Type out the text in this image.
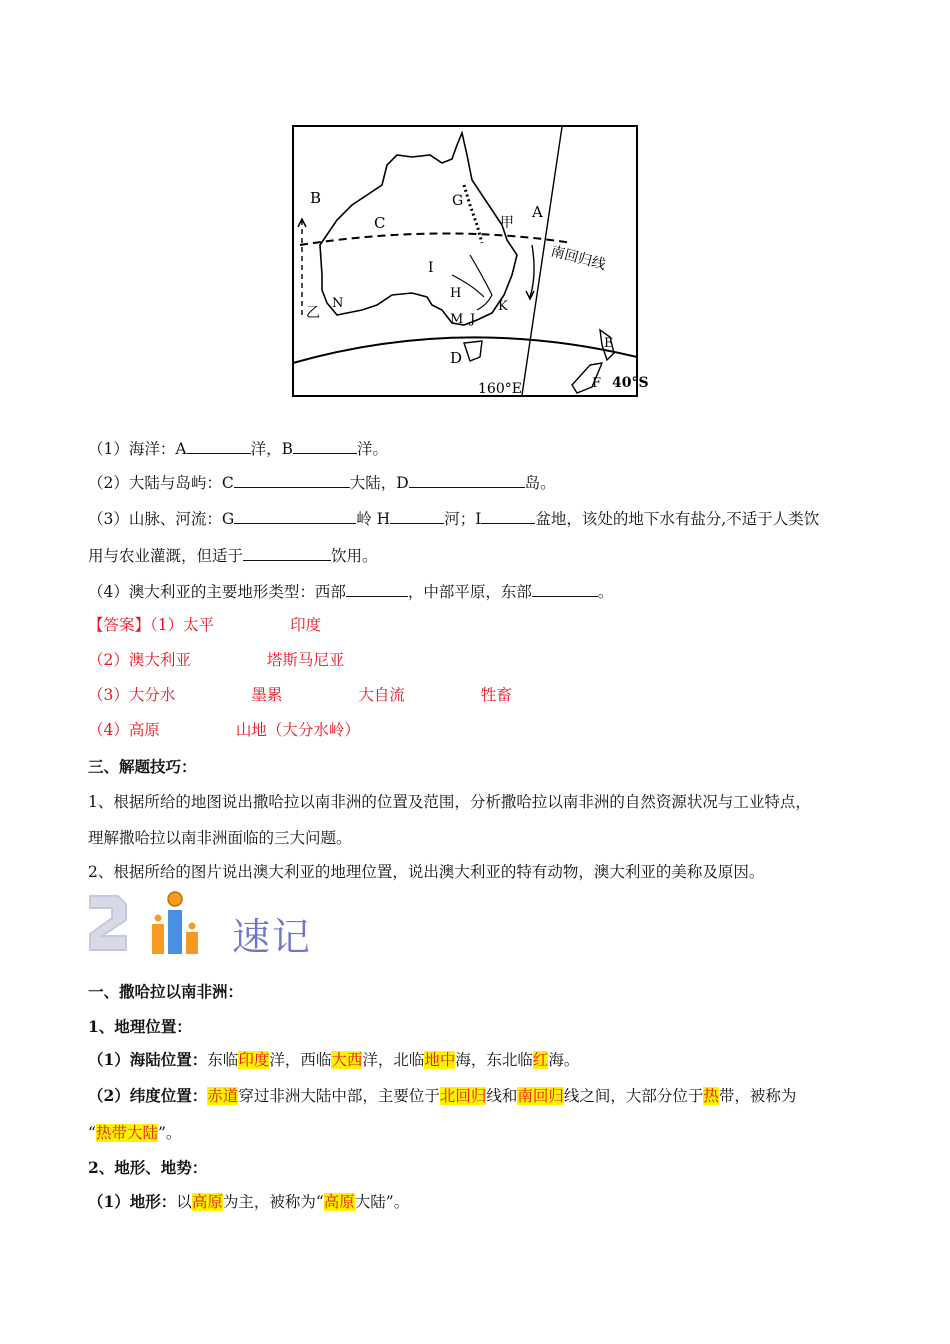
B
C
A
G
甲
I
H
M J
K
N
乙
D
E
F
160°E	40°S
南回归线
（1）海洋：A	洋，B	洋。
（2）大陆与岛屿：C	大陆，D	岛。
（3）山脉、河流：G	岭 H	河；I	盆地，该处的地下水有盐分,不适于人类饮
用与农业灌溉，但适于	饮用。
（4）澳大利亚的主要地形类型：西部	，中部平原，东部	。
【答案】（1）太平	印度
（2）澳大利亚	塔斯马尼亚
（3）大分水	墨累	大自流	牲畜
（4）高原	山地（大分水岭）
三、解题技巧：
1、根据所给的地图说出撒哈拉以南非洲的位置及范围，分析撒哈拉以南非洲的自然资源状况与工业特点，
理解撒哈拉以南非洲面临的三大问题。
2、根据所给的图片说出澳大利亚的地理位置，说出澳大利亚的特有动物，澳大利亚的美称及原因。
速记
一、撒哈拉以南非洲：
1、地理位置：
（1）海陆位置：东临印度洋，西临大西洋，北临地中海，东北临红海。
（2）纬度位置：赤道穿过非洲大陆中部，主要位于北回归线和南回归线之间，大部分位于热带，被称为
“热带大陆”。
2、地形、地势：
（1）地形：以高原为主，被称为“高原大陆”。
